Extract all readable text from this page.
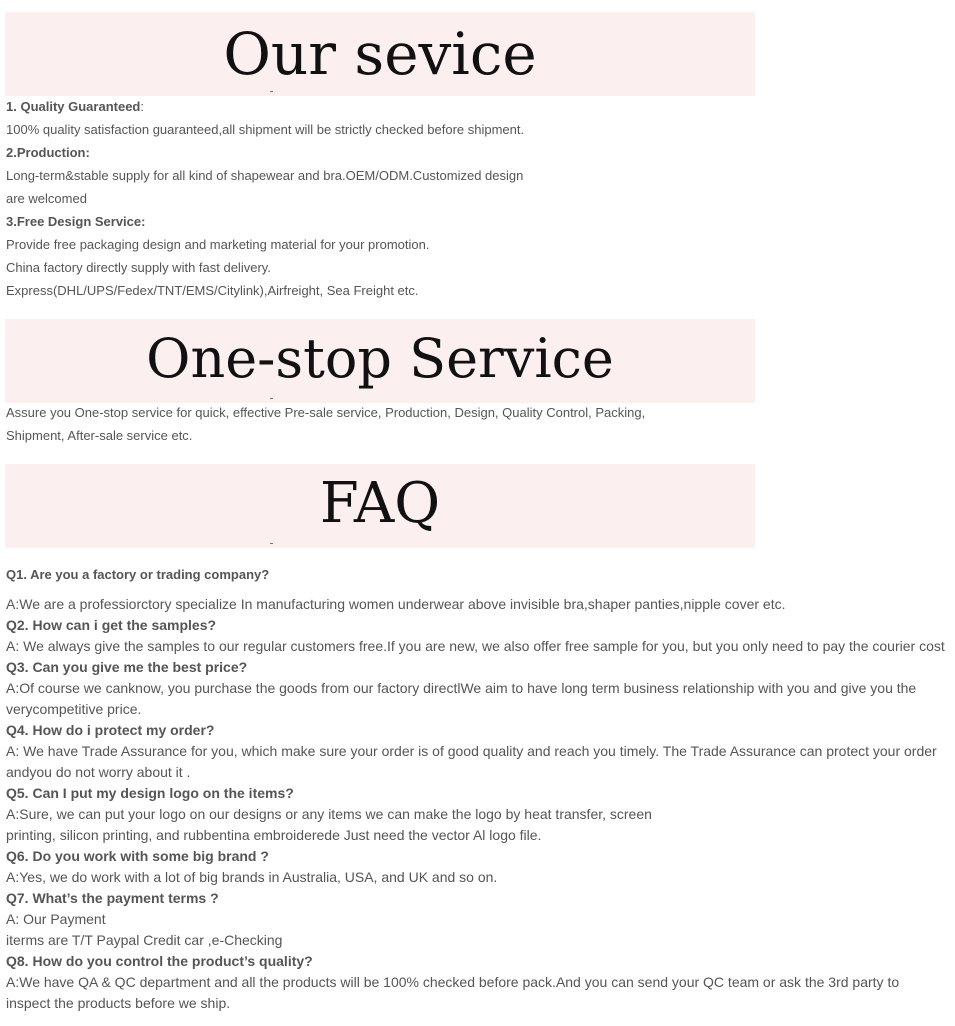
Our sevice
1. Quality Guaranteed:
100% quality satisfaction guaranteed,all shipment will be strictly checked before shipment.
2.Production:
Long-term&stable supply for all kind of shapewear and bra.OEM/ODM.Customized design
are welcomed
3.Free Design Service:
Provide free packaging design and marketing material for your promotion.
China factory directly supply with fast delivery.
Express(DHL/UPS/Fedex/TNT/EMS/Citylink),Airfreight, Sea Freight etc.
One-stop Service
Assure you One-stop service for quick, effective Pre-sale service, Production, Design, Quality Control, Packing,
Shipment, After-sale service etc.
FAQ
Q1. Are you a factory or trading company?
A:We are a professiorctory specialize In manufacturing women underwear above invisible bra,shaper panties,nipple cover etc.
Q2. How can i get the samples?
A: We always give the samples to our regular customers free.If you are new, we also offer free sample for you, but you only need to pay the courier cost
Q3. Can you give me the best price?
A:Of course we canknow, you purchase the goods from our factory directlWe aim to have long term business relationship with you and give you the
verycompetitive price.
Q4. How do i protect my order?
A: We have Trade Assurance for you, which make sure your order is of good quality and reach you timely. The Trade Assurance can protect your order
andyou do not worry about it .
Q5. Can I put my design logo on the items?
A:Sure, we can put your logo on our designs or any items we can make the logo by heat transfer, screen
printing, silicon printing, and rubbentina embroiderede Just need the vector Al logo file.
Q6. Do you work with some big brand ?
A:Yes, we do work with a lot of big brands in Australia, USA, and UK and so on.
Q7. What’s the payment terms ?
A: Our Payment
iterms are T/T Paypal Credit car ,e-Checking
Q8. How do you control the product’s quality?
A:We have QA & QC department and all the products will be 100% checked before pack.And you can send your QC team or ask the 3rd party to
inspect the products before we ship.
